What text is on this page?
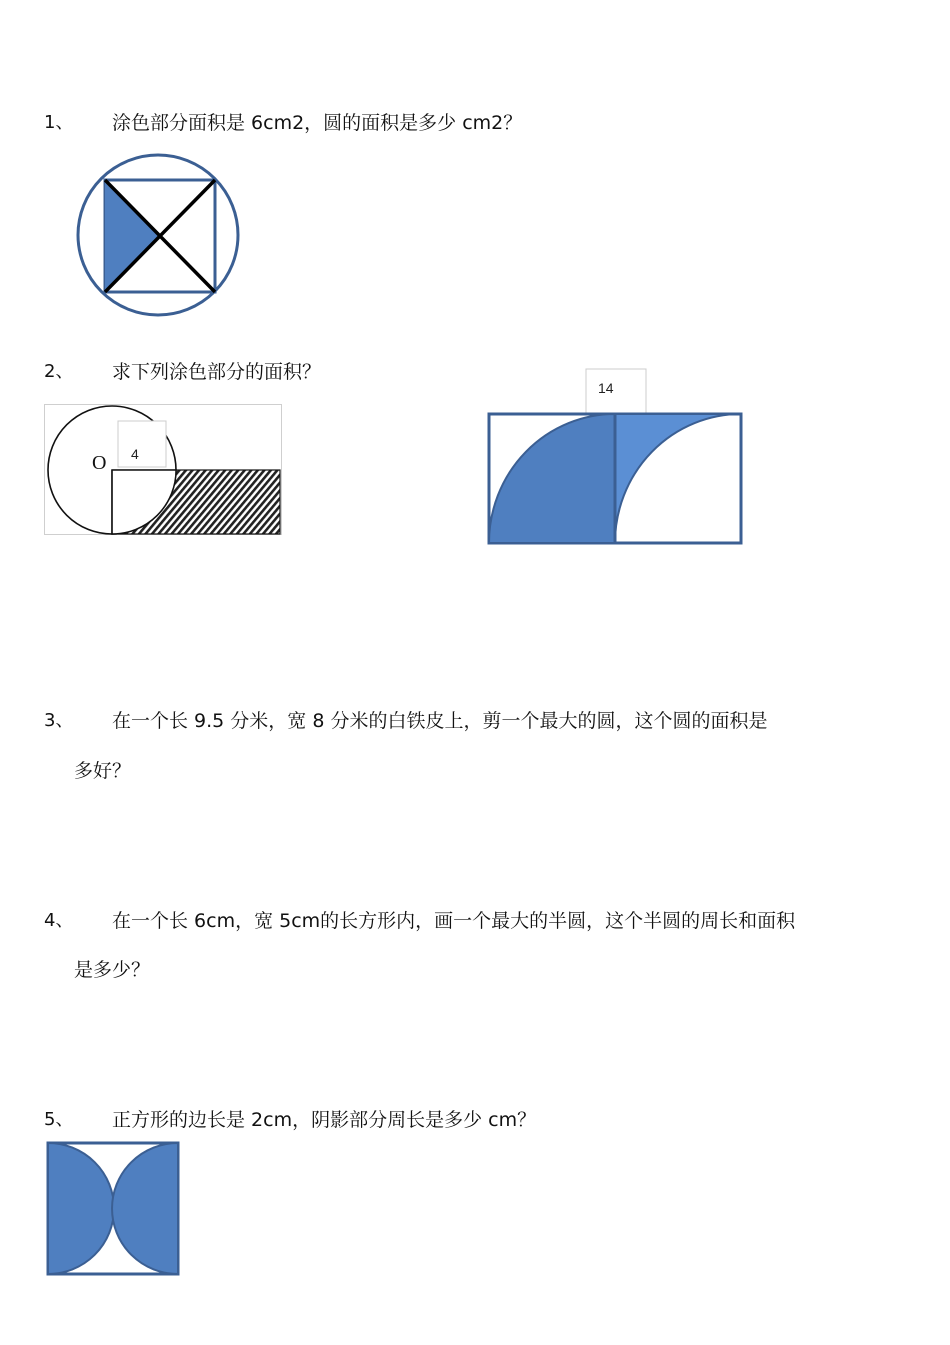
1、 涂色部分面积是 6cm2，圆的面积是多少 cm2？
2、 求下列涂色部分的面积？
4
O
14
3、 在一个长 9.5 分米，宽 8 分米的白铁皮上，剪一个最大的圆，这个圆的面积是
多好？
4、 在一个长 6cm，宽 5cm的长方形内，画一个最大的半圆，这个半圆的周长和面积
是多少？
5、 正方形的边长是 2cm，阴影部分周长是多少 cm？
